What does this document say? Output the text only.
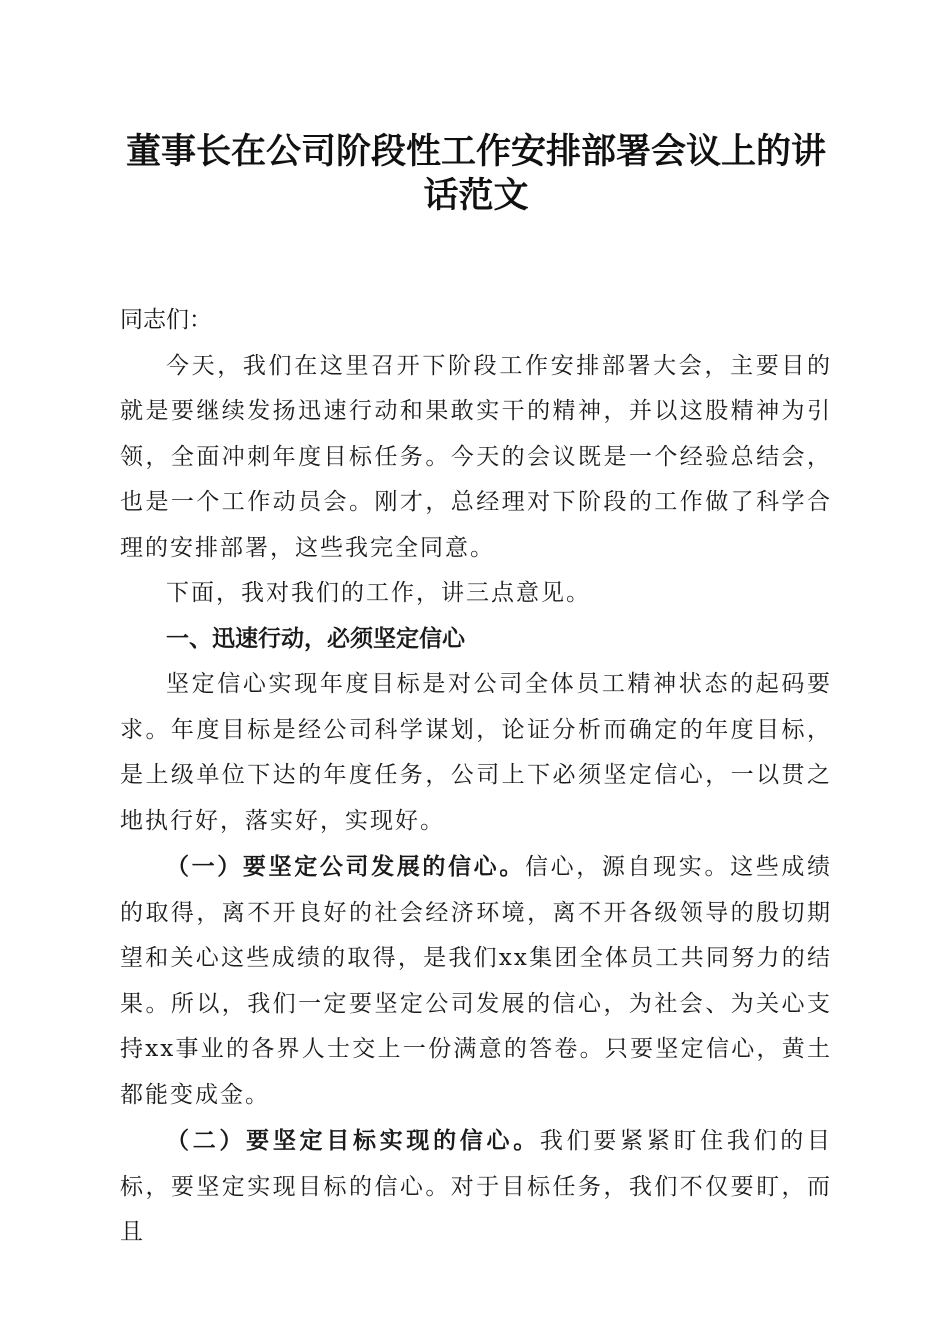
董事长在公司阶段性工作安排部署会议上的讲
话范文

同志们：

今天，我们在这里召开下阶段工作安排部署大会，主要目的就是要继续发扬迅速行动和果敢实干的精神，并以这股精神为引领，全面冲刺年度目标任务。今天的会议既是一个经验总结会，也是一个工作动员会。刚才，总经理对下阶段的工作做了科学合理的安排部署，这些我完全同意。

下面，我对我们的工作，讲三点意见。

一、迅速行动，必须坚定信心

坚定信心实现年度目标是对公司全体员工精神状态的起码要求。年度目标是经公司科学谋划，论证分析而确定的年度目标，是上级单位下达的年度任务，公司上下必须坚定信心，一以贯之地执行好，落实好，实现好。

（一）要坚定公司发展的信心。信心，源自现实。这些成绩的取得，离不开良好的社会经济环境，离不开各级领导的殷切期望和关心这些成绩的取得，是我们xx集团全体员工共同努力的结果。所以，我们一定要坚定公司发展的信心，为社会、为关心支持xx事业的各界人士交上一份满意的答卷。只要坚定信心，黄土都能变成金。

（二）要坚定目标实现的信心。我们要紧紧盯住我们的目标，要坚定实现目标的信心。对于目标任务，我们不仅要盯，而且
